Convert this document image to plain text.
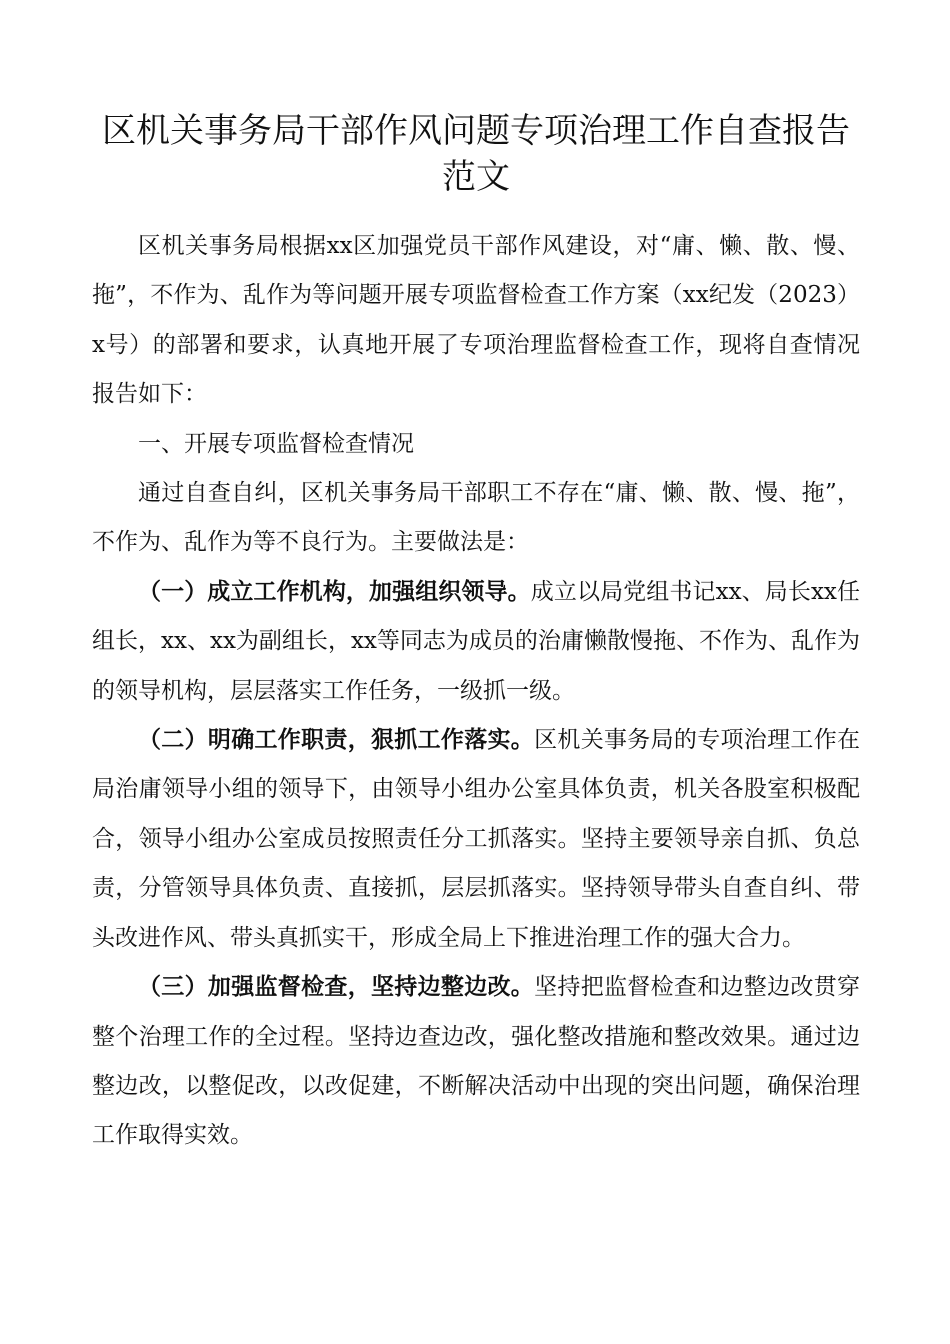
区机关事务局干部作风问题专项治理工作自查报告范文

区机关事务局根据xx区加强党员干部作风建设，对“庸、懒、散、慢、拖”，不作为、乱作为等问题开展专项监督检查工作方案（xx纪发（2023）x号）的部署和要求，认真地开展了专项治理监督检查工作，现将自查情况报告如下：

一、开展专项监督检查情况

通过自查自纠，区机关事务局干部职工不存在“庸、懒、散、慢、拖”，不作为、乱作为等不良行为。主要做法是：

（一）成立工作机构，加强组织领导。成立以局党组书记xx、局长xx任组长，xx、xx为副组长，xx等同志为成员的治庸懒散慢拖、不作为、乱作为的领导机构，层层落实工作任务，一级抓一级。

（二）明确工作职责，狠抓工作落实。区机关事务局的专项治理工作在局治庸领导小组的领导下，由领导小组办公室具体负责，机关各股室积极配合，领导小组办公室成员按照责任分工抓落实。坚持主要领导亲自抓、负总责，分管领导具体负责、直接抓，层层抓落实。坚持领导带头自查自纠、带头改进作风、带头真抓实干，形成全局上下推进治理工作的强大合力。

（三）加强监督检查，坚持边整边改。坚持把监督检查和边整边改贯穿整个治理工作的全过程。坚持边查边改，强化整改措施和整改效果。通过边整边改，以整促改，以改促建，不断解决活动中出现的突出问题，确保治理工作取得实效。
